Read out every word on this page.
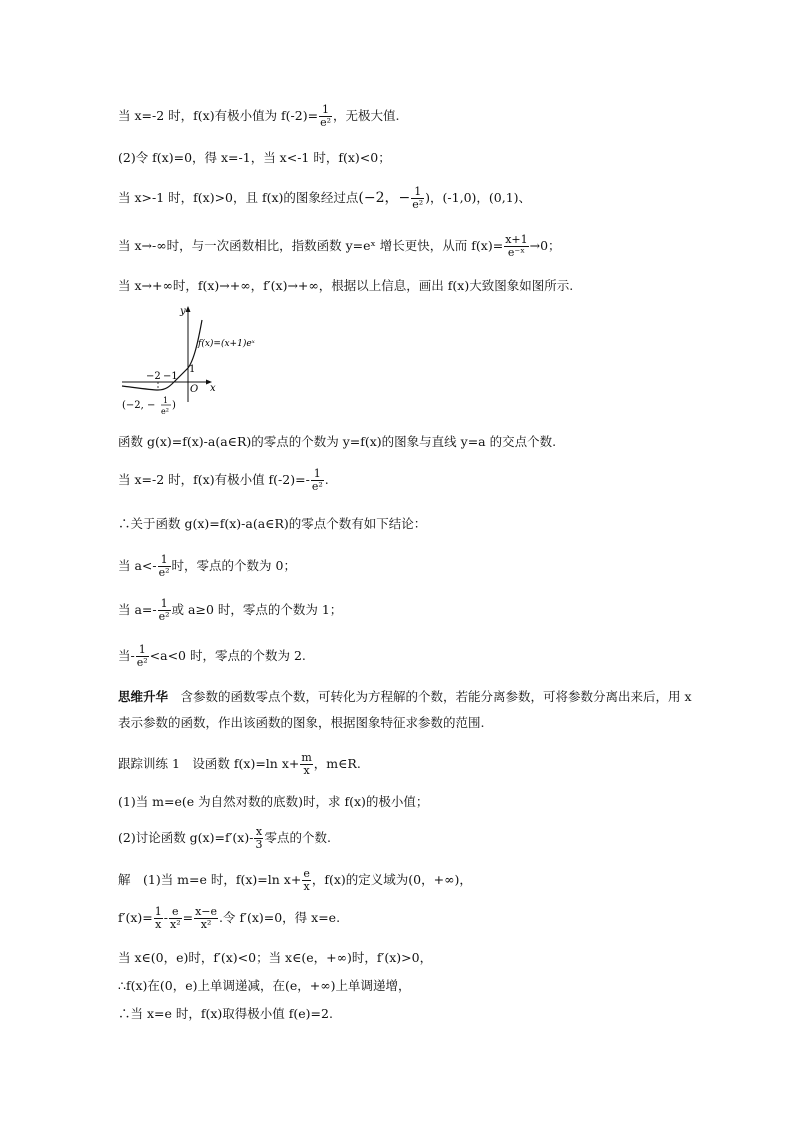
当 x=-2 时，f(x)有极小值为 $f(-2)= \frac{1}{\text{e²}}$ ，无极大值.
(2)令 f(x)=0，得 x=-1，当 x<-1 时，f(x)<0；
当 x>-1 时，f(x)>0，且 f(x)的图象经过点(−2，− $\frac{1}{\text{e²}}$ )，(-1,0)，(0,1)、
当 x→-∞时，与一次函数相比，指数函数 y=eˣ 增长更快，从而 $f(x)= \frac{x+1}{\text{e⁻ˣ}} \to 0$；
当 x→+∞时，f(x)→+∞，f′(x)→+∞，根据以上信息，画出 f(x)大致图象如图所示.
f(x)=(x+1)eˣ
y
x
O
−2 −1
1
(−2, − 1
e²
)
函数 g(x)=f(x)-a(a∈R)的零点的个数为 y=f(x)的图象与直线 y=a 的交点个数.
当 x=-2 时，f(x)有极小值 $f(-2)=- \frac{1}{\text{e²}}$ .
∴关于函数 g(x)=f(x)-a(a∈R)的零点个数有如下结论：
当 $a<- \frac{1}{\text{e²}}$ 时，零点的个数为 0；
当 $a=- \frac{1}{\text{e²}}$ 或 a≥0 时，零点的个数为 1；
当- $\frac{1}{\text{e²}} <a<0$ 时，零点的个数为 2.
思维升华　 含参数的函数零点个数，可转化为方程解的个数，若能分离参数，可将参数分离出来后，用 x 表示参数的函数，作出该函数的图象，根据图象特征求参数的范围.
跟踪训练 1　设函数 f(x)=ln $x+ \frac{m}{x}$ ，m∈R.
(1)当 m=e(e 为自然对数的底数)时，求 f(x)的极小值；
(2)讨论函数 $g(x)=f'(x)- \frac{x}{3}$ 零点的个数.
解　(1)当 m=e 时，f(x)=ln $x+ \frac{e}{x}$ ，f(x)的定义域为(0，+∞)，
$f'(x)= \frac{1}{x} - \frac{e}{\text{x²}} = \frac{x-e}{\text{x²}}$ .令 f′(x)=0，得 x=e.
当 x∈(0，e)时，f′(x)<0；当 x∈(e，+∞)时，f′(x)>0，
∴f(x)在(0，e)上单调递减，在(e，+∞)上单调递增，
∴当 x=e 时，f(x)取得极小值 f(e)=2.
